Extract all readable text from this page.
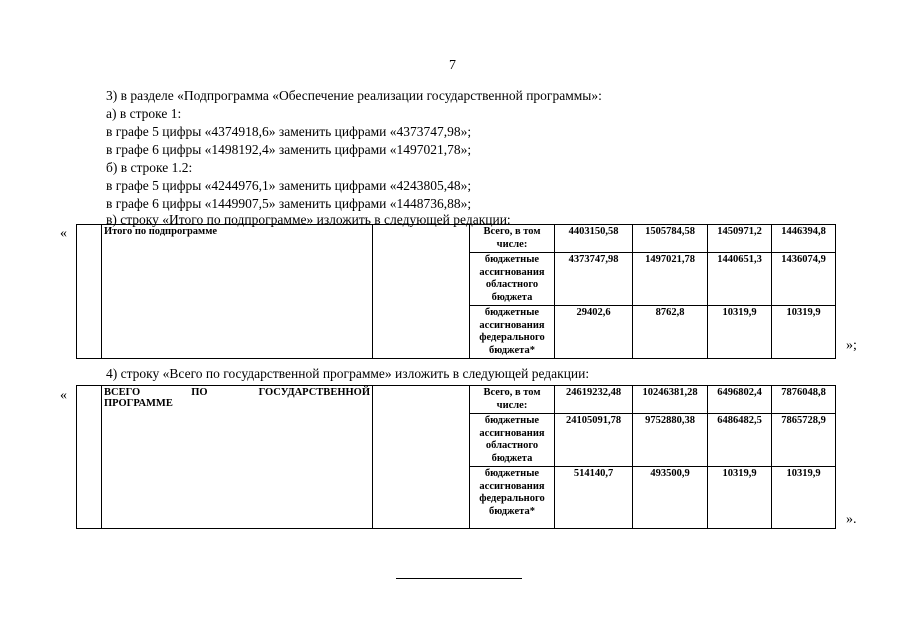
7
3) в разделе «Подпрограмма «Обеспечение реализации государственной программы»:
а) в строке 1:
в графе 5 цифры «4374918,6» заменить цифрами «4373747,98»;
в графе 6 цифры «1498192,4» заменить цифрами «1497021,78»;
б) в строке 1.2:
в графе 5 цифры «4244976,1» заменить цифрами «4243805,48»;
в графе 6 цифры «1449907,5» заменить цифрами «1448736,88»;
в) строку «Итого по подпрограмме» изложить в следующей редакции:
«
		Итого по подпрограмме		Всего, в том числе:	4403150,58	1505784,58	1450971,2	1446394,8
			бюджетные ассигнования областного бюджета	4373747,98	1497021,78	1440651,3	1436074,9
			бюджетные ассигнования федерального бюджета*	29402,6	8762,8	10319,9	10319,9
»;
4) строку «Всего по государственной программе» изложить в следующей редакции:
«

	ВСЕГО ПО ГОСУДАРСТВЕННОЙ
ПРОГРАММЕ		Всего, в том числе:	24619232,48	10246381,28	6496802,4	7876048,8
			бюджетные ассигнования областного бюджета	24105091,78	9752880,38	6486482,5	7865728,9
			бюджетные ассигнования федерального бюджета*	514140,7	493500,9	10319,9	10319,9
».
